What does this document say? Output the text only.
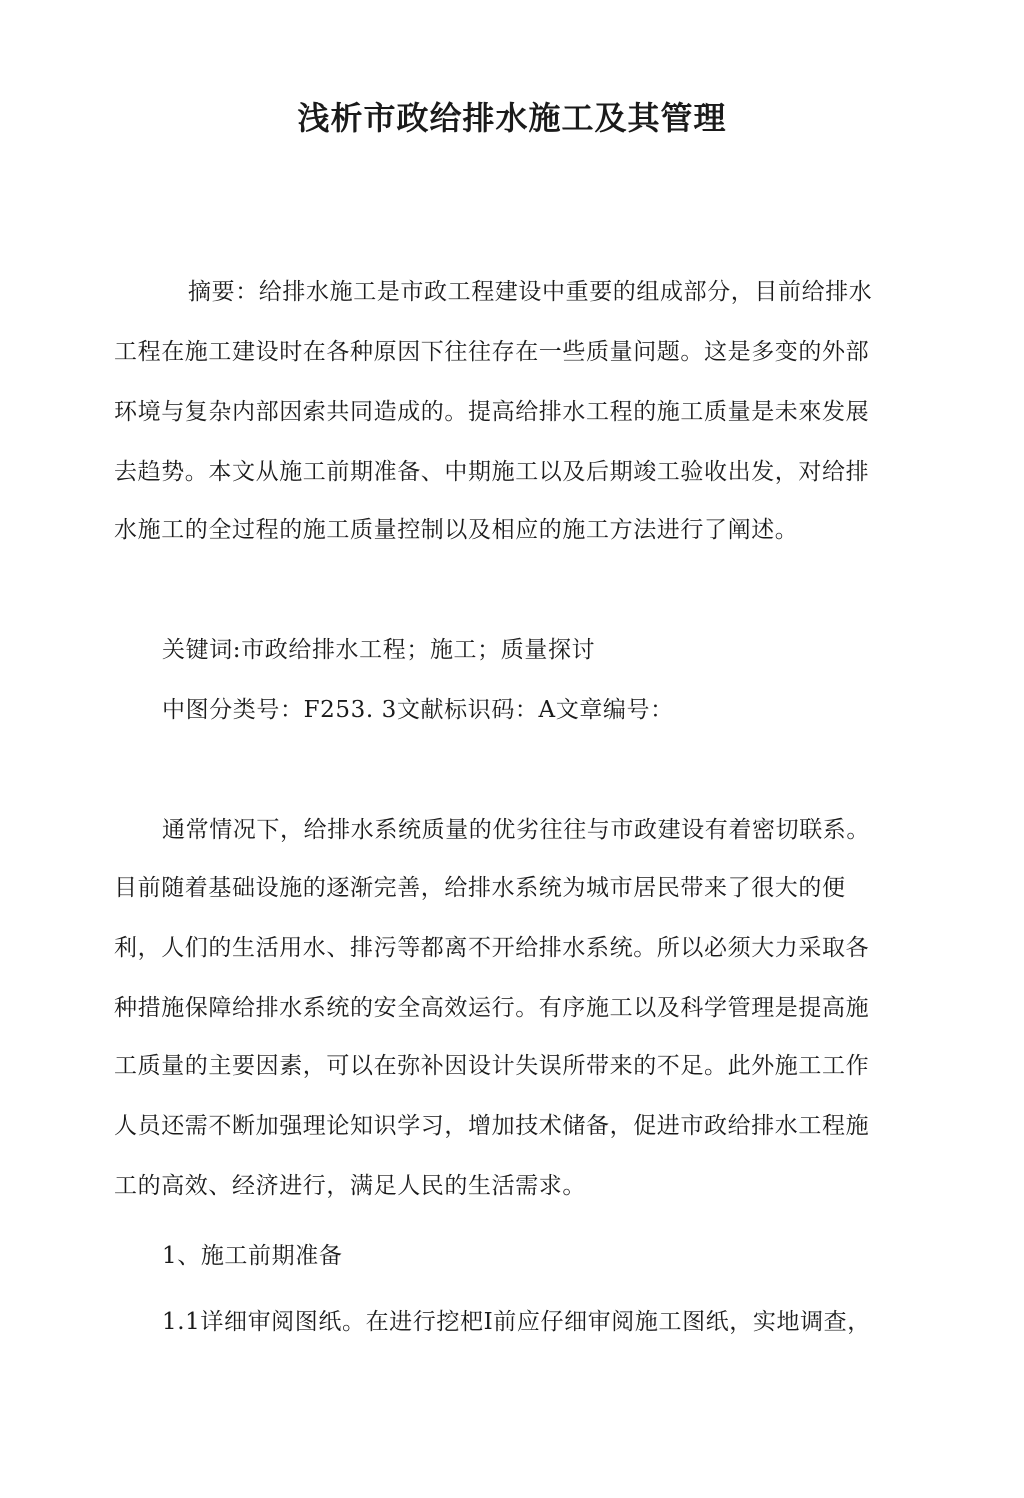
浅析市政给排水施工及其管理
摘要：给排水施工是市政工程建设中重要的组成部分，目前给排水
工程在施工建设时在各种原因下往往存在一些质量问题。这是多变的外部
环境与复杂内部因索共同造成的。提高给排水工程的施工质量是未來发展
去趋势。本文从施工前期准备、中期施工以及后期竣工验收出发，对给排
水施工的全过程的施工质量控制以及相应的施工方法进行了阐述。
关键词:市政给排水工程；施工；质量探讨
中图分类号：F253. 3文献标识码：A文章编号：
通常情况下，给排水系统质量的优劣往往与市政建设有着密切联系。
目前随着基础设施的逐渐完善，给排水系统为城市居民带来了很大的便
利，人们的生活用水、排污等都离不开给排水系统。所以必须大力采取各
种措施保障给排水系统的安全高效运行。有序施工以及科学管理是提高施
工质量的主要因素，可以在弥补因设计失误所带来的不足。此外施工工作
人员还需不断加强理论知识学习，增加技术储备，促进市政给排水工程施
工的高效、经济进行，满足人民的生活需求。
1、施工前期准备
1.1详细审阅图纸。在进行挖杷I前应仔细审阅施工图纸，实地调查，
